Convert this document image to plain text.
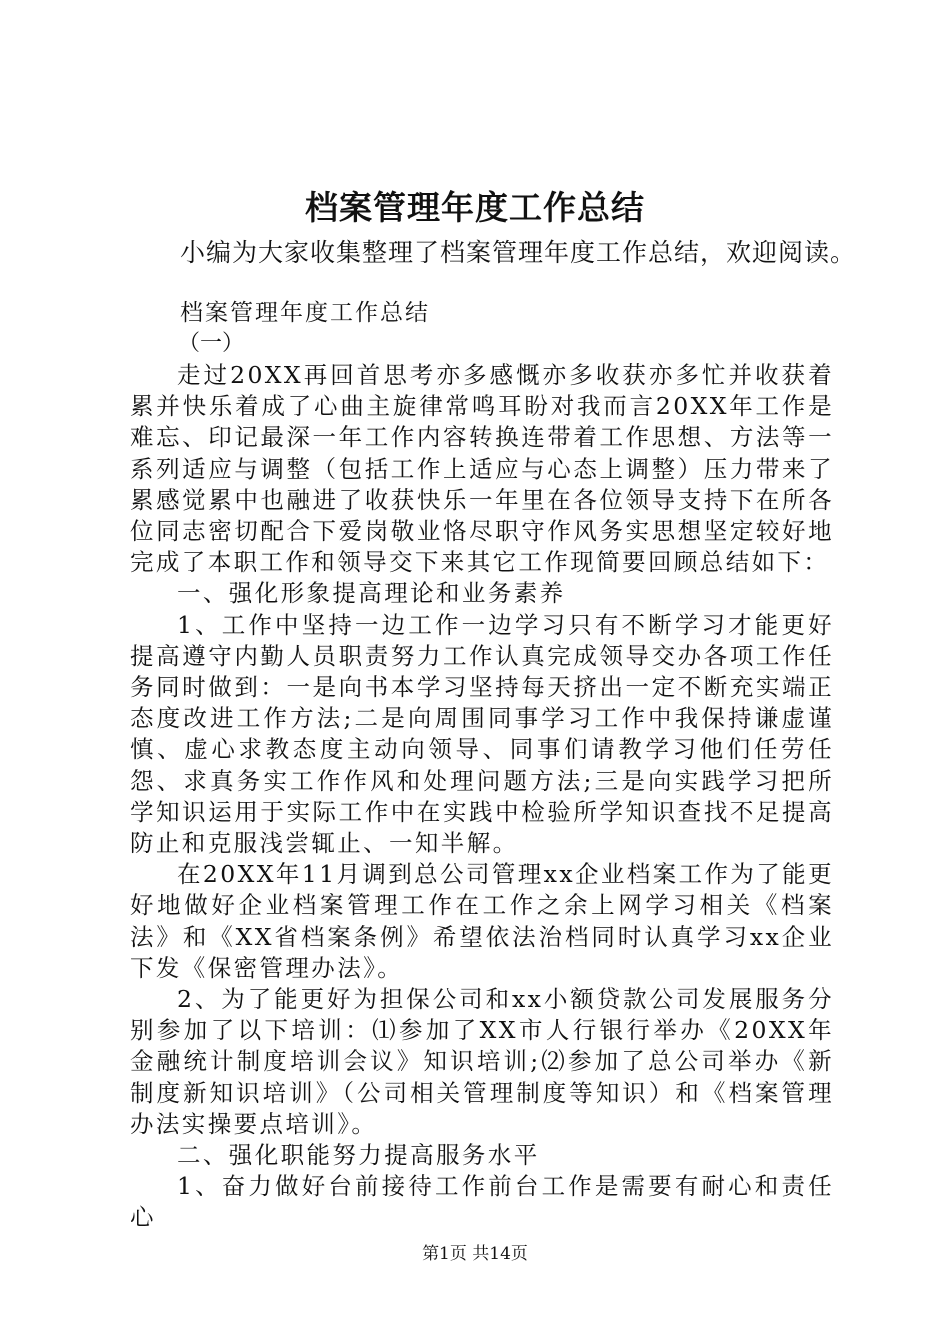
档案管理年度工作总结
小编为大家收集整理了档案管理年度工作总结，欢迎阅读。
档案管理年度工作总结
（一）

走过20XX再回首思考亦多感慨亦多收获亦多忙并收获着累并快乐着成了心曲主旋律常鸣耳盼对我而言20XX年工作是难忘、印记最深一年工作内容转换连带着工作思想、方法等一系列适应与调整（包括工作上适应与心态上调整）压力带来了累感觉累中也融进了收获快乐一年里在各位领导支持下在所各位同志密切配合下爱岗敬业恪尽职守作风务实思想坚定较好地完成了本职工作和领导交下来其它工作现简要回顾总结如下：

一、强化形象提高理论和业务素养

1、工作中坚持一边工作一边学习只有不断学习才能更好提高遵守内勤人员职责努力工作认真完成领导交办各项工作任务同时做到：一是向书本学习坚持每天挤出一定不断充实端正态度改进工作方法;二是向周围同事学习工作中我保持谦虚谨慎、虚心求教态度主动向领导、同事们请教学习他们任劳任怨、求真务实工作作风和处理问题方法;三是向实践学习把所学知识运用于实际工作中在实践中检验所学知识查找不足提高防止和克服浅尝辄止、一知半解。

在20XX年11月调到总公司管理xx企业档案工作为了能更好地做好企业档案管理工作在工作之余上网学习相关《档案法》和《XX省档案条例》希望依法治档同时认真学习xx企业下发《保密管理办法》。

2、为了能更好为担保公司和xx小额贷款公司发展服务分别参加了以下培训：⑴参加了XX市人行银行举办《20XX年金融统计制度培训会议》知识培训;⑵参加了总公司举办《新制度新知识培训》（公司相关管理制度等知识）和《档案管理办法实操要点培训》。

二、强化职能努力提高服务水平

1、奋力做好台前接待工作前台工作是需要有耐心和责任心

第1页 共14页
